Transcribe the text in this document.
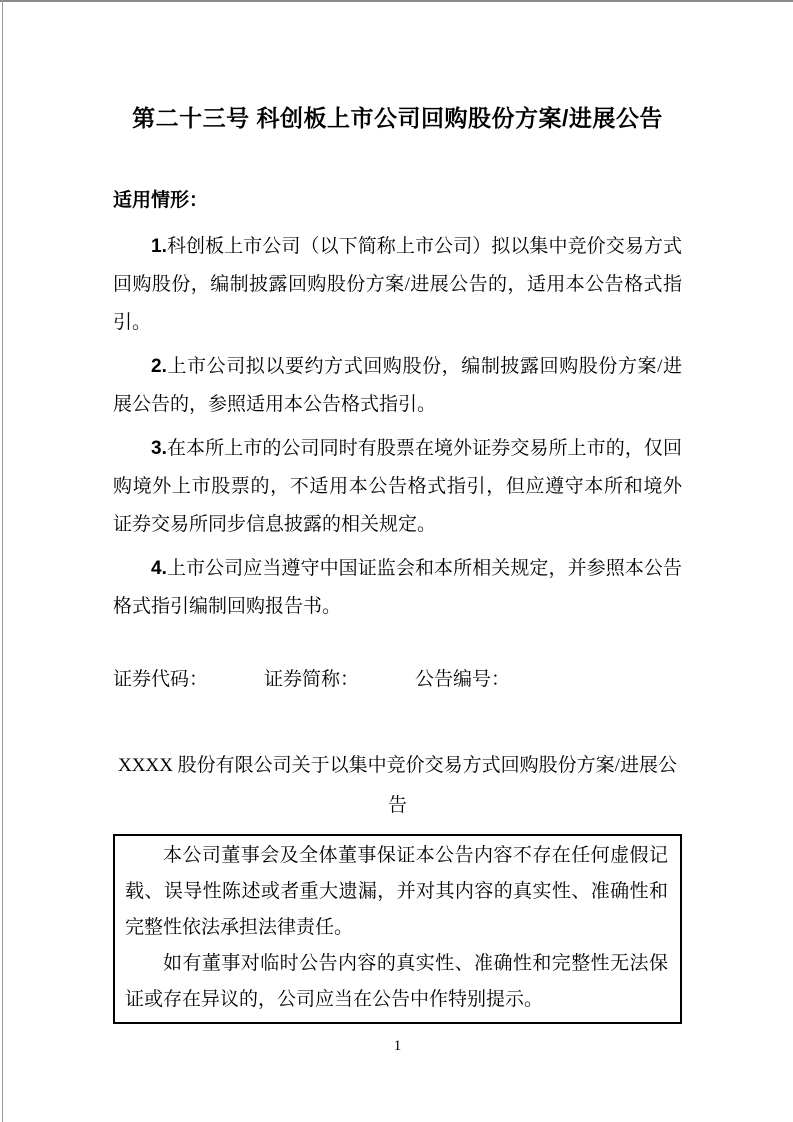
第二十三号 科创板上市公司回购股份方案/进展公告
适用情形：

1.科创板上市公司（以下简称上市公司）拟以集中竞价交易方式回购股份，编制披露回购股份方案/进展公告的，适用本公告格式指引。

2.上市公司拟以要约方式回购股份，编制披露回购股份方案/进展公告的，参照适用本公告格式指引。

3.在本所上市的公司同时有股票在境外证券交易所上市的，仅回购境外上市股票的，不适用本公告格式指引，但应遵守本所和境外证券交易所同步信息披露的相关规定。

4.上市公司应当遵守中国证监会和本所相关规定，并参照本公告格式指引编制回购报告书。

证券代码：	证券简称：	公告编号：
XXXX 股份有限公司关于以集中竞价交易方式回购股份方案/进展公告

本公司董事会及全体董事保证本公告内容不存在任何虚假记载、误导性陈述或者重大遗漏，并对其内容的真实性、准确性和完整性依法承担法律责任。

如有董事对临时公告内容的真实性、准确性和完整性无法保证或存在异议的，公司应当在公告中作特别提示。

1
